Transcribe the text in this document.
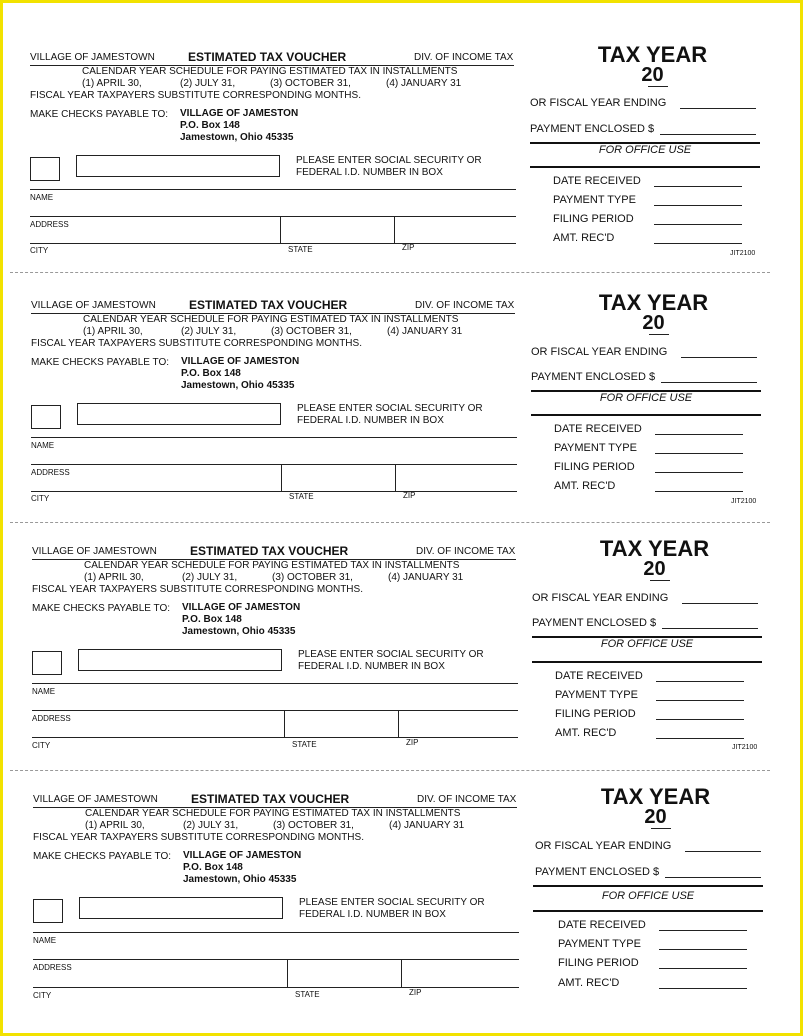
VILLAGE OF JAMESTOWN	ESTIMATED TAX VOUCHER	DIV. OF INCOME TAX
CALENDAR YEAR SCHEDULE FOR PAYING ESTIMATED TAX IN INSTALLMENTS
(1) APRIL 30,	(2) JULY 31,	(3) OCTOBER 31,	(4) JANUARY 31
FISCAL YEAR TAXPAYERS SUBSTITUTE CORRESPONDING MONTHS.
MAKE CHECKS PAYABLE TO: VILLAGE OF JAMESTON
P.O. Box 148
Jamestown, Ohio 45335
PLEASE ENTER SOCIAL SECURITY OR
FEDERAL I.D. NUMBER IN BOX
NAME
ADDRESS
CITY	STATE	ZIP
TAX YEAR
20
OR FISCAL YEAR ENDING
PAYMENT ENCLOSED $
FOR OFFICE USE
DATE RECEIVED
PAYMENT TYPE
FILING PERIOD
AMT. REC'D
JIT2100
VILLAGE OF JAMESTOWN	ESTIMATED TAX VOUCHER	DIV. OF INCOME TAX
CALENDAR YEAR SCHEDULE FOR PAYING ESTIMATED TAX IN INSTALLMENTS
(1) APRIL 30,	(2) JULY 31,	(3) OCTOBER 31,	(4) JANUARY 31
FISCAL YEAR TAXPAYERS SUBSTITUTE CORRESPONDING MONTHS.
MAKE CHECKS PAYABLE TO: VILLAGE OF JAMESTON
P.O. Box 148
Jamestown, Ohio 45335
PLEASE ENTER SOCIAL SECURITY OR
FEDERAL I.D. NUMBER IN BOX
NAME
ADDRESS
CITY	STATE	ZIP
TAX YEAR
20
OR FISCAL YEAR ENDING
PAYMENT ENCLOSED $
FOR OFFICE USE
DATE RECEIVED
PAYMENT TYPE
FILING PERIOD
AMT. REC'D
JIT2100
VILLAGE OF JAMESTOWN	ESTIMATED TAX VOUCHER	DIV. OF INCOME TAX
CALENDAR YEAR SCHEDULE FOR PAYING ESTIMATED TAX IN INSTALLMENTS
(1) APRIL 30,	(2) JULY 31,	(3) OCTOBER 31,	(4) JANUARY 31
FISCAL YEAR TAXPAYERS SUBSTITUTE CORRESPONDING MONTHS.
MAKE CHECKS PAYABLE TO: VILLAGE OF JAMESTON
P.O. Box 148
Jamestown, Ohio 45335
PLEASE ENTER SOCIAL SECURITY OR
FEDERAL I.D. NUMBER IN BOX
NAME
ADDRESS
CITY	STATE	ZIP
TAX YEAR
20
OR FISCAL YEAR ENDING
PAYMENT ENCLOSED $
FOR OFFICE USE
DATE RECEIVED
PAYMENT TYPE
FILING PERIOD
AMT. REC'D
JIT2100
VILLAGE OF JAMESTOWN	ESTIMATED TAX VOUCHER	DIV. OF INCOME TAX
CALENDAR YEAR SCHEDULE FOR PAYING ESTIMATED TAX IN INSTALLMENTS
(1) APRIL 30,	(2) JULY 31,	(3) OCTOBER 31,	(4) JANUARY 31
FISCAL YEAR TAXPAYERS SUBSTITUTE CORRESPONDING MONTHS.
MAKE CHECKS PAYABLE TO: VILLAGE OF JAMESTON
P.O. Box 148
Jamestown, Ohio 45335
PLEASE ENTER SOCIAL SECURITY OR
FEDERAL I.D. NUMBER IN BOX
NAME
ADDRESS
CITY	STATE	ZIP
TAX YEAR
20
OR FISCAL YEAR ENDING
PAYMENT ENCLOSED $
FOR OFFICE USE
DATE RECEIVED
PAYMENT TYPE
FILING PERIOD
AMT. REC'D
